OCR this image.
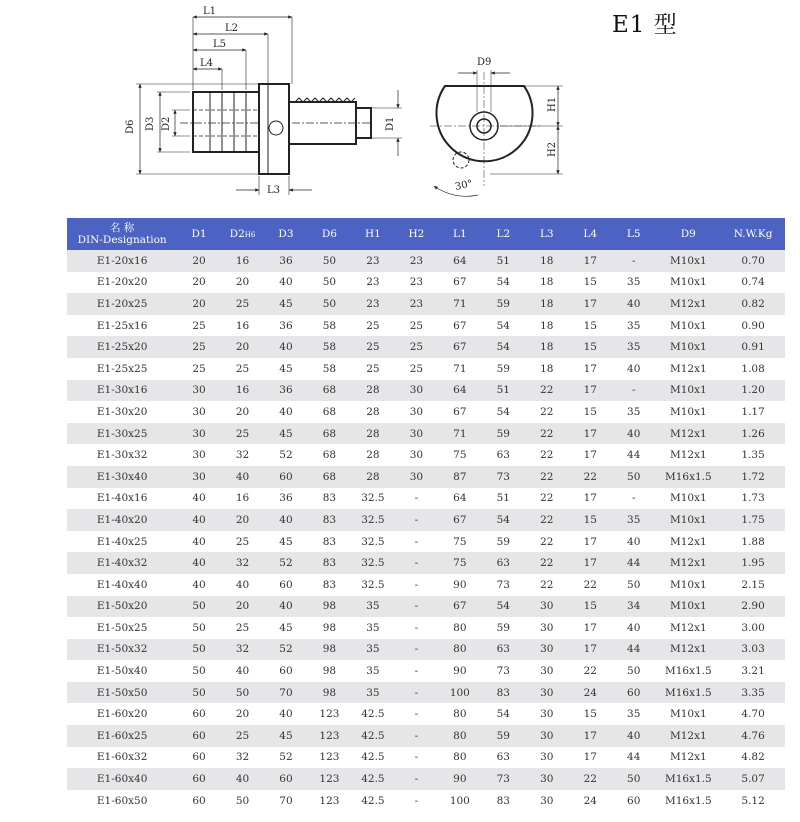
E1 型
L1
L2
L5
L4
L3
D6 D3 D2	D1
D9
H1
H2
30°
名 称
DIN-Designation	D1	D2H6	D3	D6	H1	H2	L1	L2	L3	L4	L5	D9	N.W.Kg
E1-20x16	20	16	36	50	23	23	64	51	18	17	-	M10x1	0.70
E1-20x20	20	20	40	50	23	23	67	54	18	15	35	M10x1	0.74
E1-20x25	20	25	45	50	23	23	71	59	18	17	40	M12x1	0.82
E1-25x16	25	16	36	58	25	25	67	54	18	15	35	M10x1	0.90
E1-25x20	25	20	40	58	25	25	67	54	18	15	35	M10x1	0.91
E1-25x25	25	25	45	58	25	25	71	59	18	17	40	M12x1	1.08
E1-30x16	30	16	36	68	28	30	64	51	22	17	-	M10x1	1.20
E1-30x20	30	20	40	68	28	30	67	54	22	15	35	M10x1	1.17
E1-30x25	30	25	45	68	28	30	71	59	22	17	40	M12x1	1.26
E1-30x32	30	32	52	68	28	30	75	63	22	17	44	M12x1	1.35
E1-30x40	30	40	60	68	28	30	87	73	22	22	50	M16x1.5	1.72
E1-40x16	40	16	36	83	32.5	-	64	51	22	17	-	M10x1	1.73
E1-40x20	40	20	40	83	32.5	-	67	54	22	15	35	M10x1	1.75
E1-40x25	40	25	45	83	32.5	-	75	59	22	17	40	M12x1	1.88
E1-40x32	40	32	52	83	32.5	-	75	63	22	17	44	M12x1	1.95
E1-40x40	40	40	60	83	32.5	-	90	73	22	22	50	M10x1	2.15
E1-50x20	50	20	40	98	35	-	67	54	30	15	34	M10x1	2.90
E1-50x25	50	25	45	98	35	-	80	59	30	17	40	M12x1	3.00
E1-50x32	50	32	52	98	35	-	80	63	30	17	44	M12x1	3.03
E1-50x40	50	40	60	98	35	-	90	73	30	22	50	M16x1.5	3.21
E1-50x50	50	50	70	98	35	-	100	83	30	24	60	M16x1.5	3.35
E1-60x20	60	20	40	123	42.5	-	80	54	30	15	35	M10x1	4.70
E1-60x25	60	25	45	123	42.5	-	80	59	30	17	40	M12x1	4.76
E1-60x32	60	32	52	123	42.5	-	80	63	30	17	44	M12x1	4.82
E1-60x40	60	40	60	123	42.5	-	90	73	30	22	50	M16x1.5	5.07
E1-60x50	60	50	70	123	42.5	-	100	83	30	24	60	M16x1.5	5.12
